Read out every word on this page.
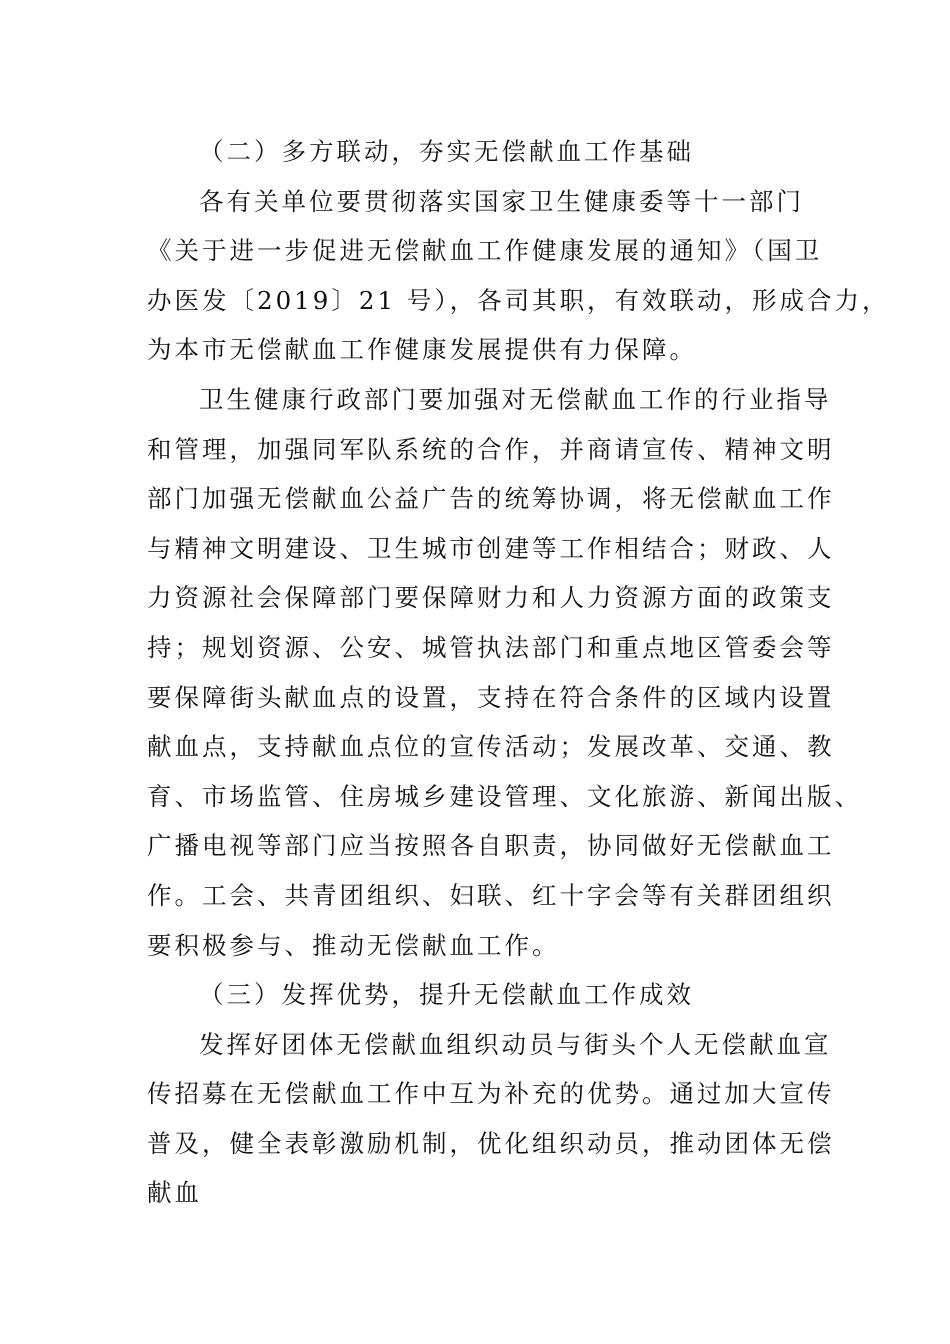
（二）多方联动，夯实无偿献血工作基础
各有关单位要贯彻落实国家卫生健康委等十一部门
《关于进一步促进无偿献血工作健康发展的通知》（国卫
办医发〔2019〕21 号），各司其职，有效联动，形成合力，
为本市无偿献血工作健康发展提供有力保障。
卫生健康行政部门要加强对无偿献血工作的行业指导
和管理，加强同军队系统的合作，并商请宣传、精神文明
部门加强无偿献血公益广告的统筹协调，将无偿献血工作
与精神文明建设、卫生城市创建等工作相结合；财政、人
力资源社会保障部门要保障财力和人力资源方面的政策支
持；规划资源、公安、城管执法部门和重点地区管委会等
要保障街头献血点的设置，支持在符合条件的区域内设置
献血点，支持献血点位的宣传活动；发展改革、交通、教
育、市场监管、住房城乡建设管理、文化旅游、新闻出版、
广播电视等部门应当按照各自职责，协同做好无偿献血工
作。工会、共青团组织、妇联、红十字会等有关群团组织
要积极参与、推动无偿献血工作。
（三）发挥优势，提升无偿献血工作成效
发挥好团体无偿献血组织动员与街头个人无偿献血宣
传招募在无偿献血工作中互为补充的优势。通过加大宣传
普及，健全表彰激励机制，优化组织动员，推动团体无偿
献血
